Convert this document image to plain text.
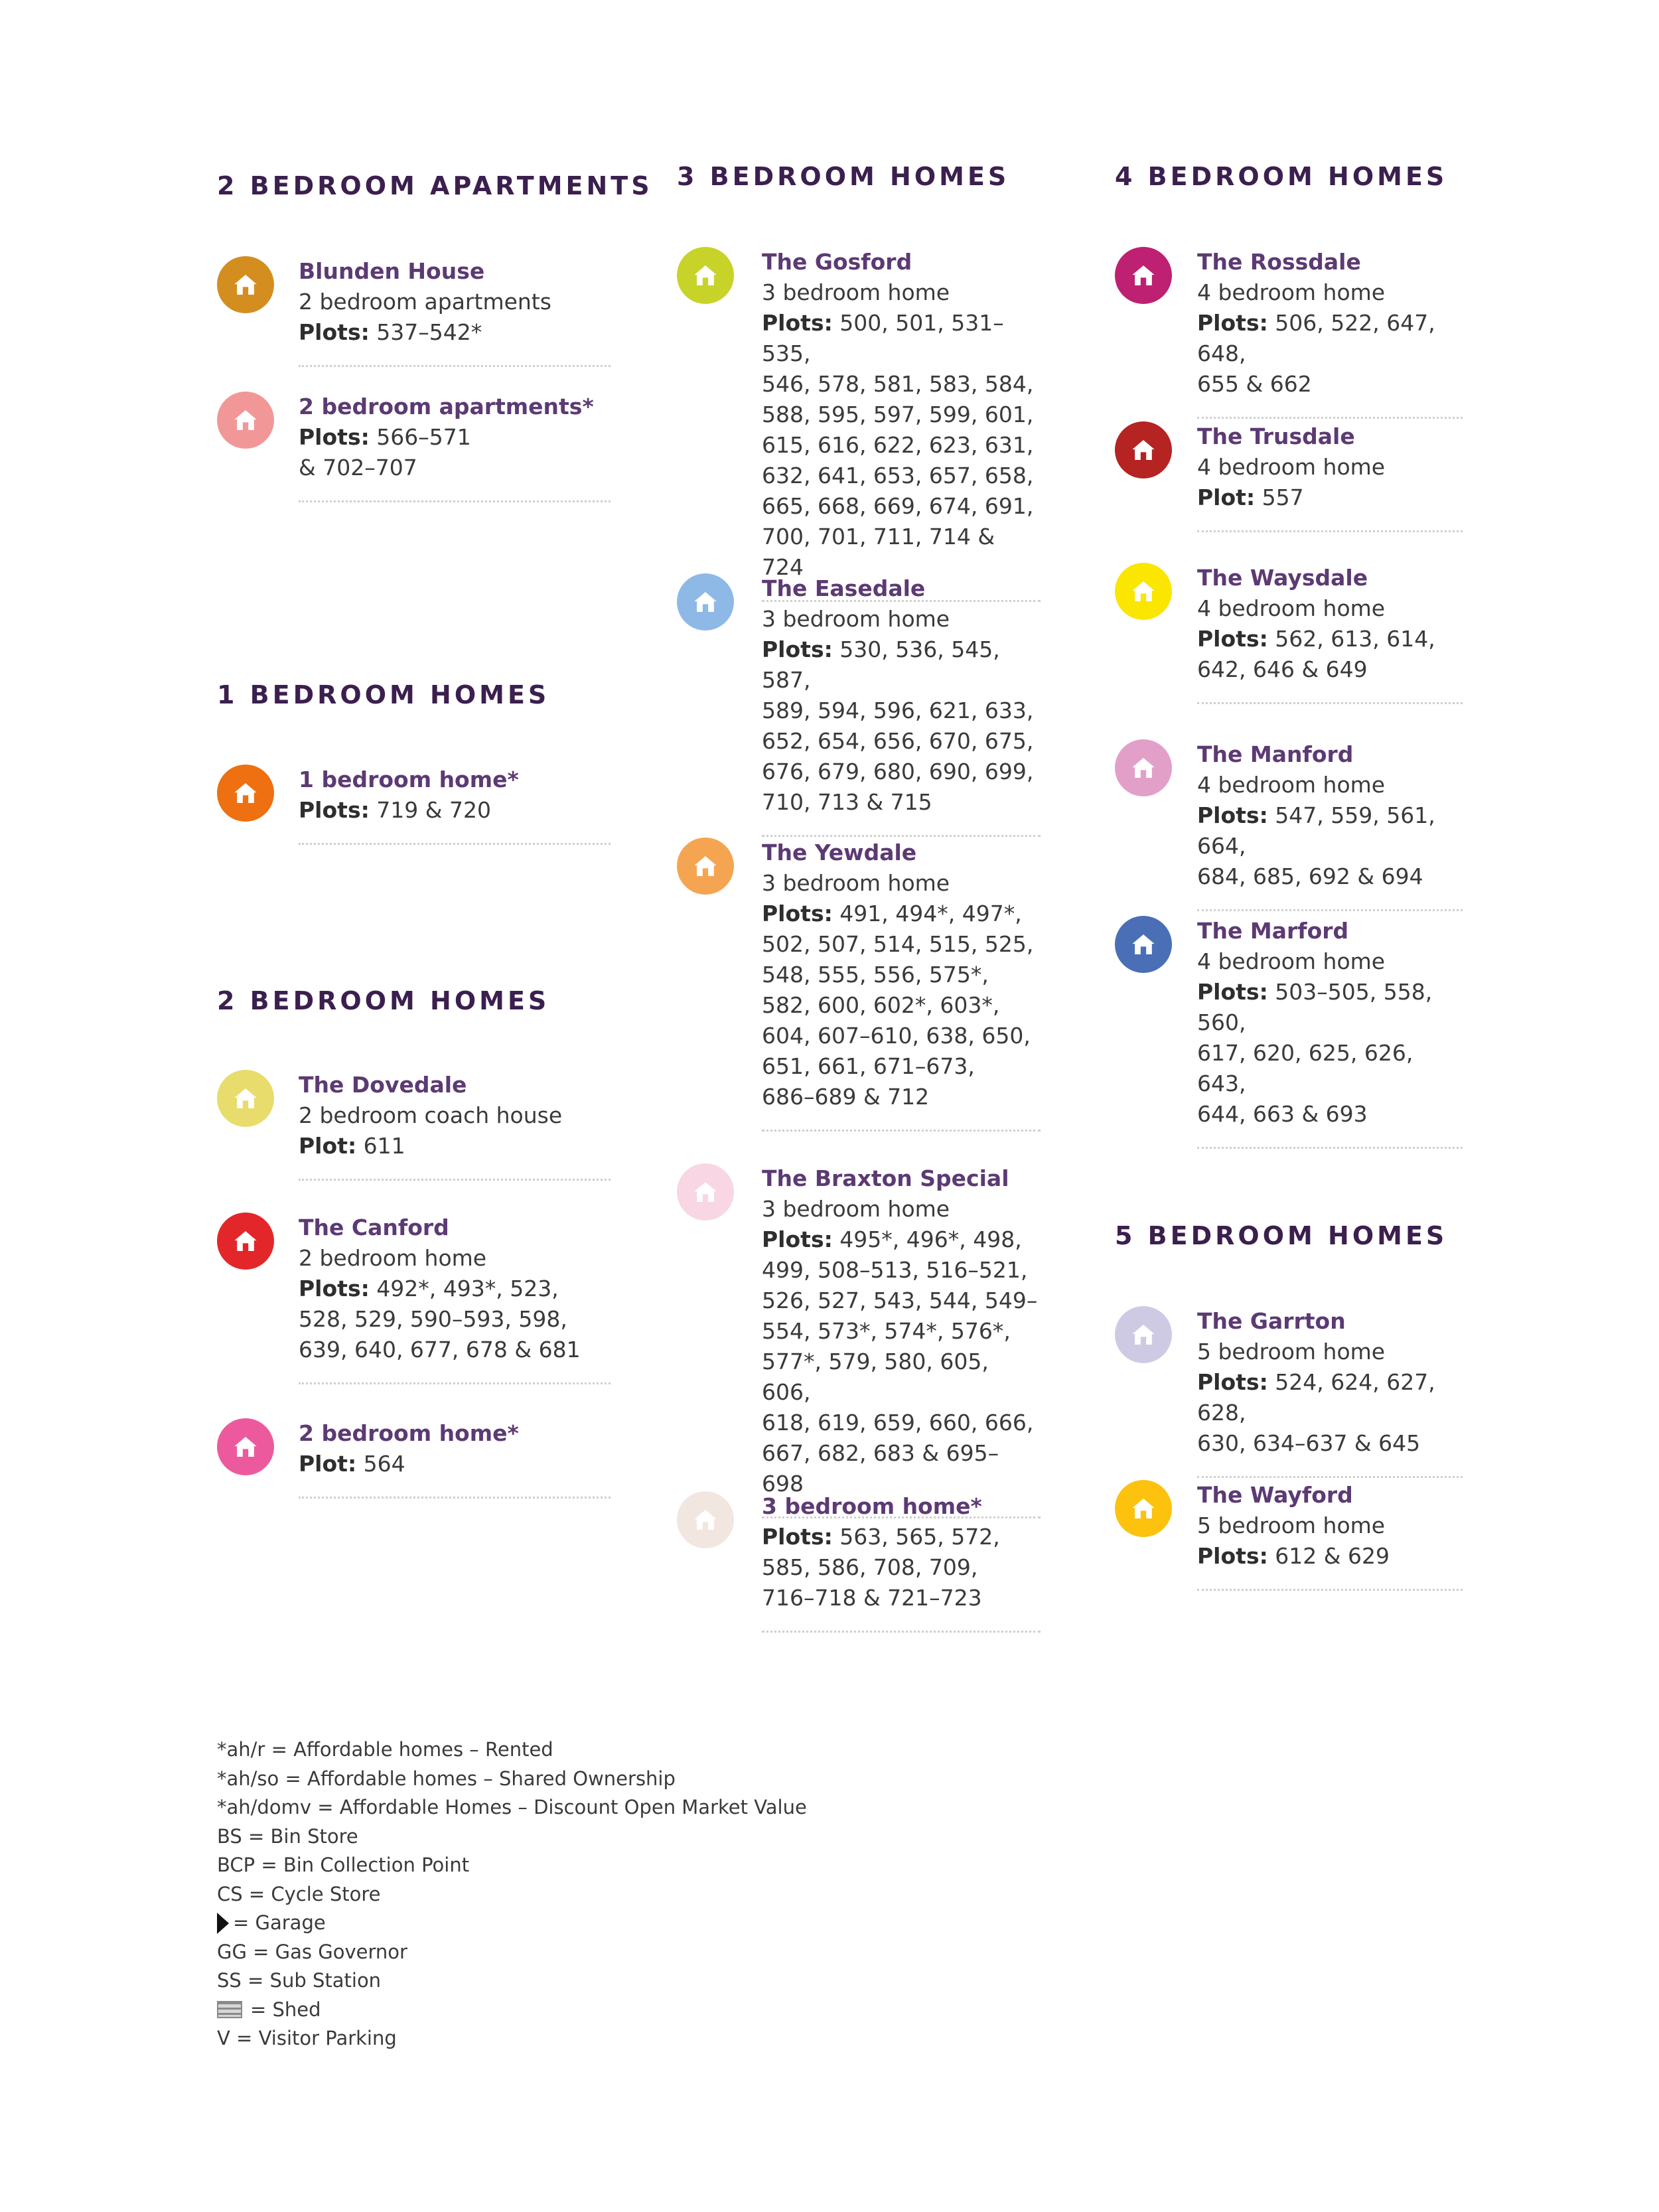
2 BEDROOM APARTMENTS
Blunden House
2 bedroom apartments
Plots: 537–542*
2 bedroom apartments*
Plots: 566–571
& 702–707
1 BEDROOM HOMES
1 bedroom home*
Plots: 719 & 720
2 BEDROOM HOMES
The Dovedale
2 bedroom coach house
Plot: 611
The Canford
2 bedroom home
Plots: 492*, 493*, 523,
528, 529, 590–593, 598,
639, 640, 677, 678 & 681
2 bedroom home*
Plot: 564
3 BEDROOM HOMES
The Gosford
3 bedroom home
Plots: 500, 501, 531–535,
546, 578, 581, 583, 584,
588, 595, 597, 599, 601,
615, 616, 622, 623, 631,
632, 641, 653, 657, 658,
665, 668, 669, 674, 691,
700, 701, 711, 714 & 724
The Easedale
3 bedroom home
Plots: 530, 536, 545, 587,
589, 594, 596, 621, 633,
652, 654, 656, 670, 675,
676, 679, 680, 690, 699,
710, 713 & 715
The Yewdale
3 bedroom home
Plots: 491, 494*, 497*,
502, 507, 514, 515, 525,
548, 555, 556, 575*,
582, 600, 602*, 603*,
604, 607–610, 638, 650,
651, 661, 671–673,
686–689 & 712
The Braxton Special
3 bedroom home
Plots: 495*, 496*, 498,
499, 508–513, 516–521,
526, 527, 543, 544, 549–
554, 573*, 574*, 576*,
577*, 579, 580, 605, 606,
618, 619, 659, 660, 666,
667, 682, 683 & 695–698
3 bedroom home*
Plots: 563, 565, 572,
585, 586, 708, 709,
716–718 & 721–723
4 BEDROOM HOMES
The Rossdale
4 bedroom home
Plots: 506, 522, 647, 648,
655 & 662
The Trusdale
4 bedroom home
Plot: 557
The Waysdale
4 bedroom home
Plots: 562, 613, 614,
642, 646 & 649
The Manford
4 bedroom home
Plots: 547, 559, 561, 664,
684, 685, 692 & 694
The Marford
4 bedroom home
Plots: 503–505, 558, 560,
617, 620, 625, 626, 643,
644, 663 & 693
5 BEDROOM HOMES
The Garrton
5 bedroom home
Plots: 524, 624, 627, 628,
630, 634–637 & 645
The Wayford
5 bedroom home
Plots: 612 & 629
*ah/r = Affordable homes – Rented
*ah/so = Affordable homes – Shared Ownership
*ah/domv = Affordable Homes – Discount Open Market Value
BS = Bin Store
BCP = Bin Collection Point
CS = Cycle Store
= Garage
GG = Gas Governor
SS = Sub Station
= Shed
V = Visitor Parking
